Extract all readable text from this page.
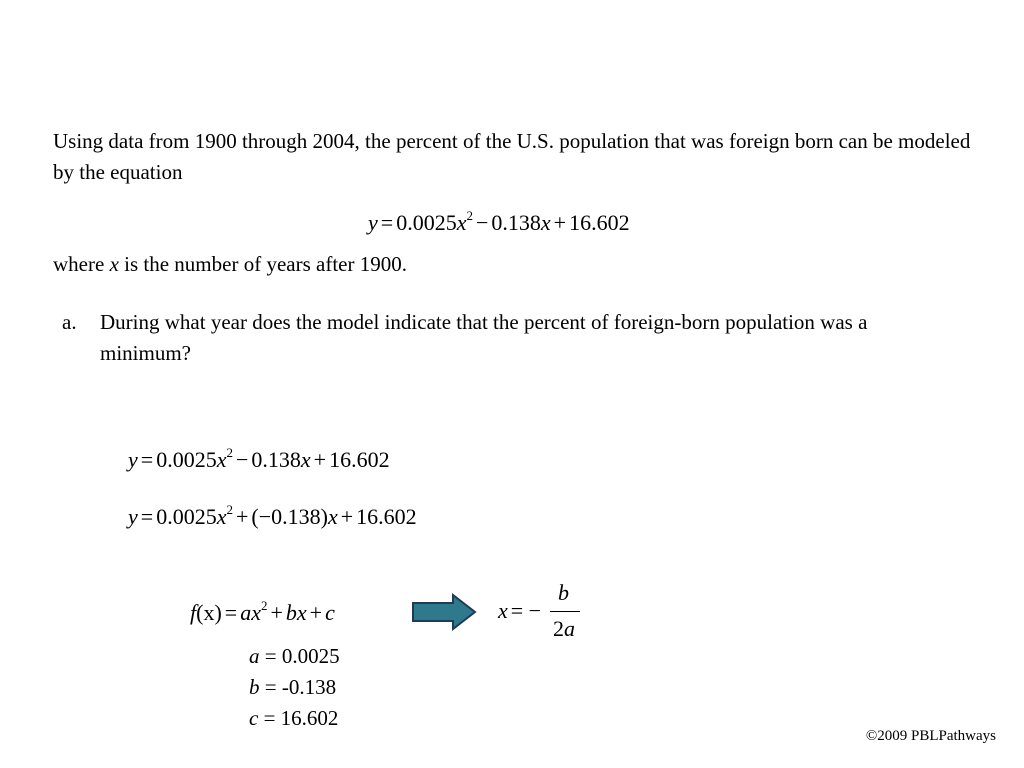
Using data from 1900 through 2004, the percent of the U.S. population that was foreign born can be modeled by the equation
$y = 0.0025x^2 - 0.138x + 16.602$
where x is the number of years after 1900.
a. During what year does the model indicate that the percent of foreign-born population was a minimum?
$y = 0.0025x^2 - 0.138x + 16.602$
$y = 0.0025x^2 + (-0.138)x + 16.602$
$f(x) = ax^2$ + bx + c	x = −
b
2a
a = 0.0025
b = -0.138
c = 16.602
©2009 PBLPathways
